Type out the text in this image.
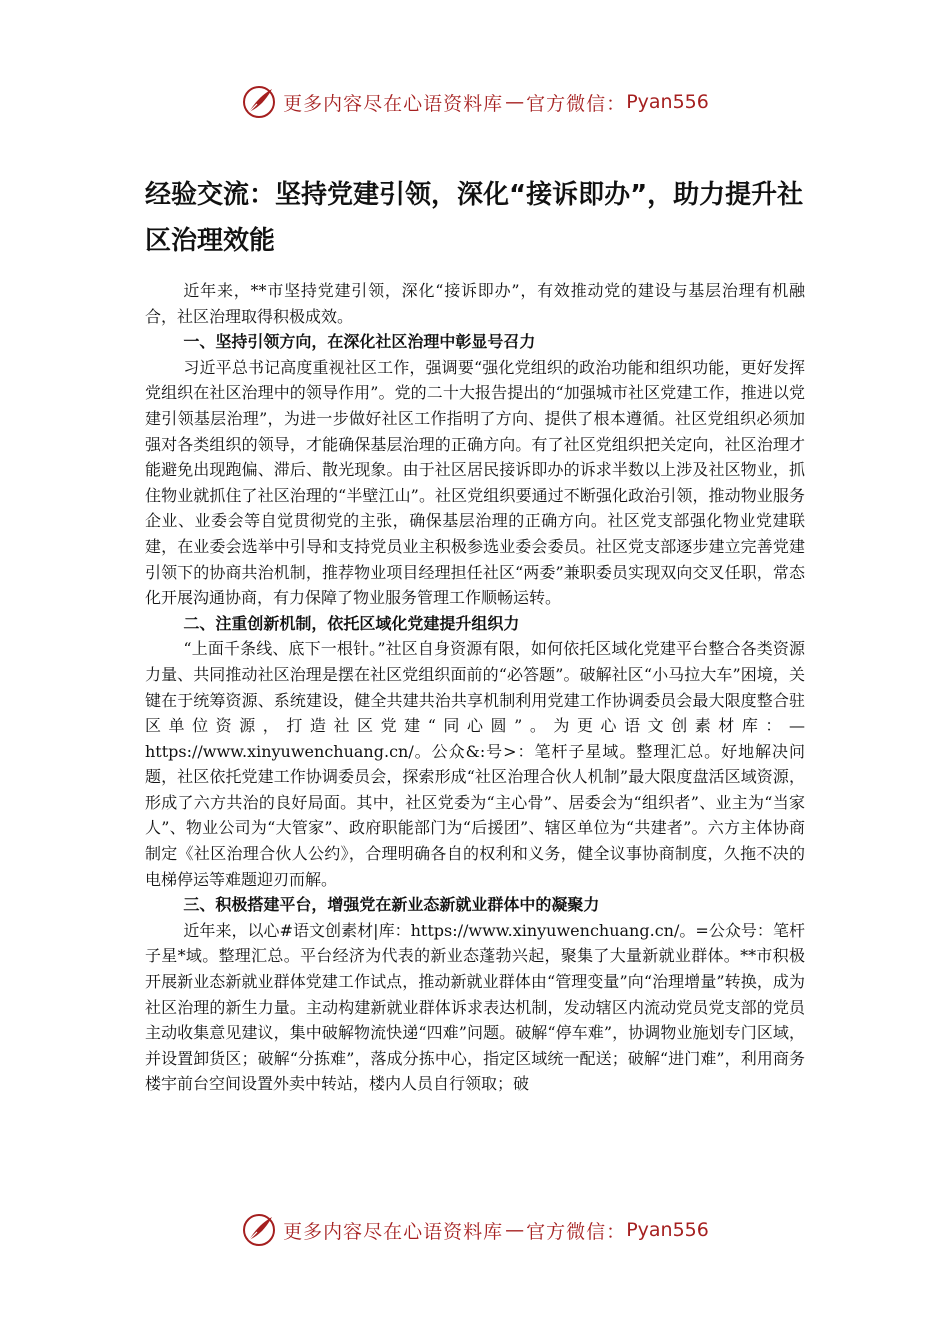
更多内容尽在心语资料库 — 官方微信： Pyan556
经验交流：坚持党建引领，深化“接诉即办”，助力提升社区治理效能

近年来，**市坚持党建引领，深化“接诉即办”，有效推动党的建设与基层治理有机融合，社区治理取得积极成效。

一、坚持引领方向，在深化社区治理中彰显号召力

习近平总书记高度重视社区工作，强调要“强化党组织的政治功能和组织功能，更好发挥党组织在社区治理中的领导作用”。党的二十大报告提出的“加强城市社区党建工作，推进以党建引领基层治理”，为进一步做好社区工作指明了方向、提供了根本遵循。社区党组织必须加强对各类组织的领导，才能确保基层治理的正确方向。有了社区党组织把关定向，社区治理才能避免出现跑偏、滞后、散光现象。由于社区居民接诉即办的诉求半数以上涉及社区物业，抓住物业就抓住了社区治理的“半壁江山”。社区党组织要通过不断强化政治引领，推动物业服务企业、业委会等自觉贯彻党的主张，确保基层治理的正确方向。社区党支部强化物业党建联建，在业委会选举中引导和支持党员业主积极参选业委会委员。社区党支部逐步建立完善党建引领下的协商共治机制，推荐物业项目经理担任社区“两委”兼职委员实现双向交叉任职，常态化开展沟通协商，有力保障了物业服务管理工作顺畅运转。

二、注重创新机制，依托区域化党建提升组织力

“上面千条线、底下一根针。”社区自身资源有限，如何依托区域化党建平台整合各类资源力量、共同推动社区治理是摆在社区党组织面前的“必答题”。破解社区“小马拉大车”困境，关键在于统筹资源、系统建设，健全共建共治共享机制利用党建工作协调委员会最大限度整合驻区单位资源，打造社区党建“同心圆”。为更心语文创素材库：—https://www.xinyuwenchuang.cn/。公众&:号>：笔杆子星域。整理汇总。好地解决问题，社区依托党建工作协调委员会，探索形成“社区治理合伙人机制”最大限度盘活区域资源，形成了六方共治的良好局面。其中，社区党委为“主心骨”、居委会为“组织者”、业主为“当家人”、物业公司为“大管家”、政府职能部门为“后援团”、辖区单位为“共建者”。六方主体协商制定《社区治理合伙人公约》，合理明确各自的权利和义务，健全议事协商制度，久拖不决的电梯停运等难题迎刃而解。

三、积极搭建平台，增强党在新业态新就业群体中的凝聚力

近年来，以心#语文创素材|库：https://www.xinyuwenchuang.cn/。=公众号：笔杆子星*域。整理汇总。平台经济为代表的新业态蓬勃兴起，聚集了大量新就业群体。**市积极开展新业态新就业群体党建工作试点，推动新就业群体由“管理变量”向“治理增量”转换，成为社区治理的新生力量。主动构建新就业群体诉求表达机制，发动辖区内流动党员党支部的党员主动收集意见建议，集中破解物流快递“四难”问题。破解“停车难”，协调物业施划专门区域，并设置卸货区；破解“分拣难”，落成分拣中心，指定区域统一配送；破解“进门难”，利用商务楼宇前台空间设置外卖中转站，楼内人员自行领取；破

更多内容尽在心语资料库 — 官方微信： Pyan556
